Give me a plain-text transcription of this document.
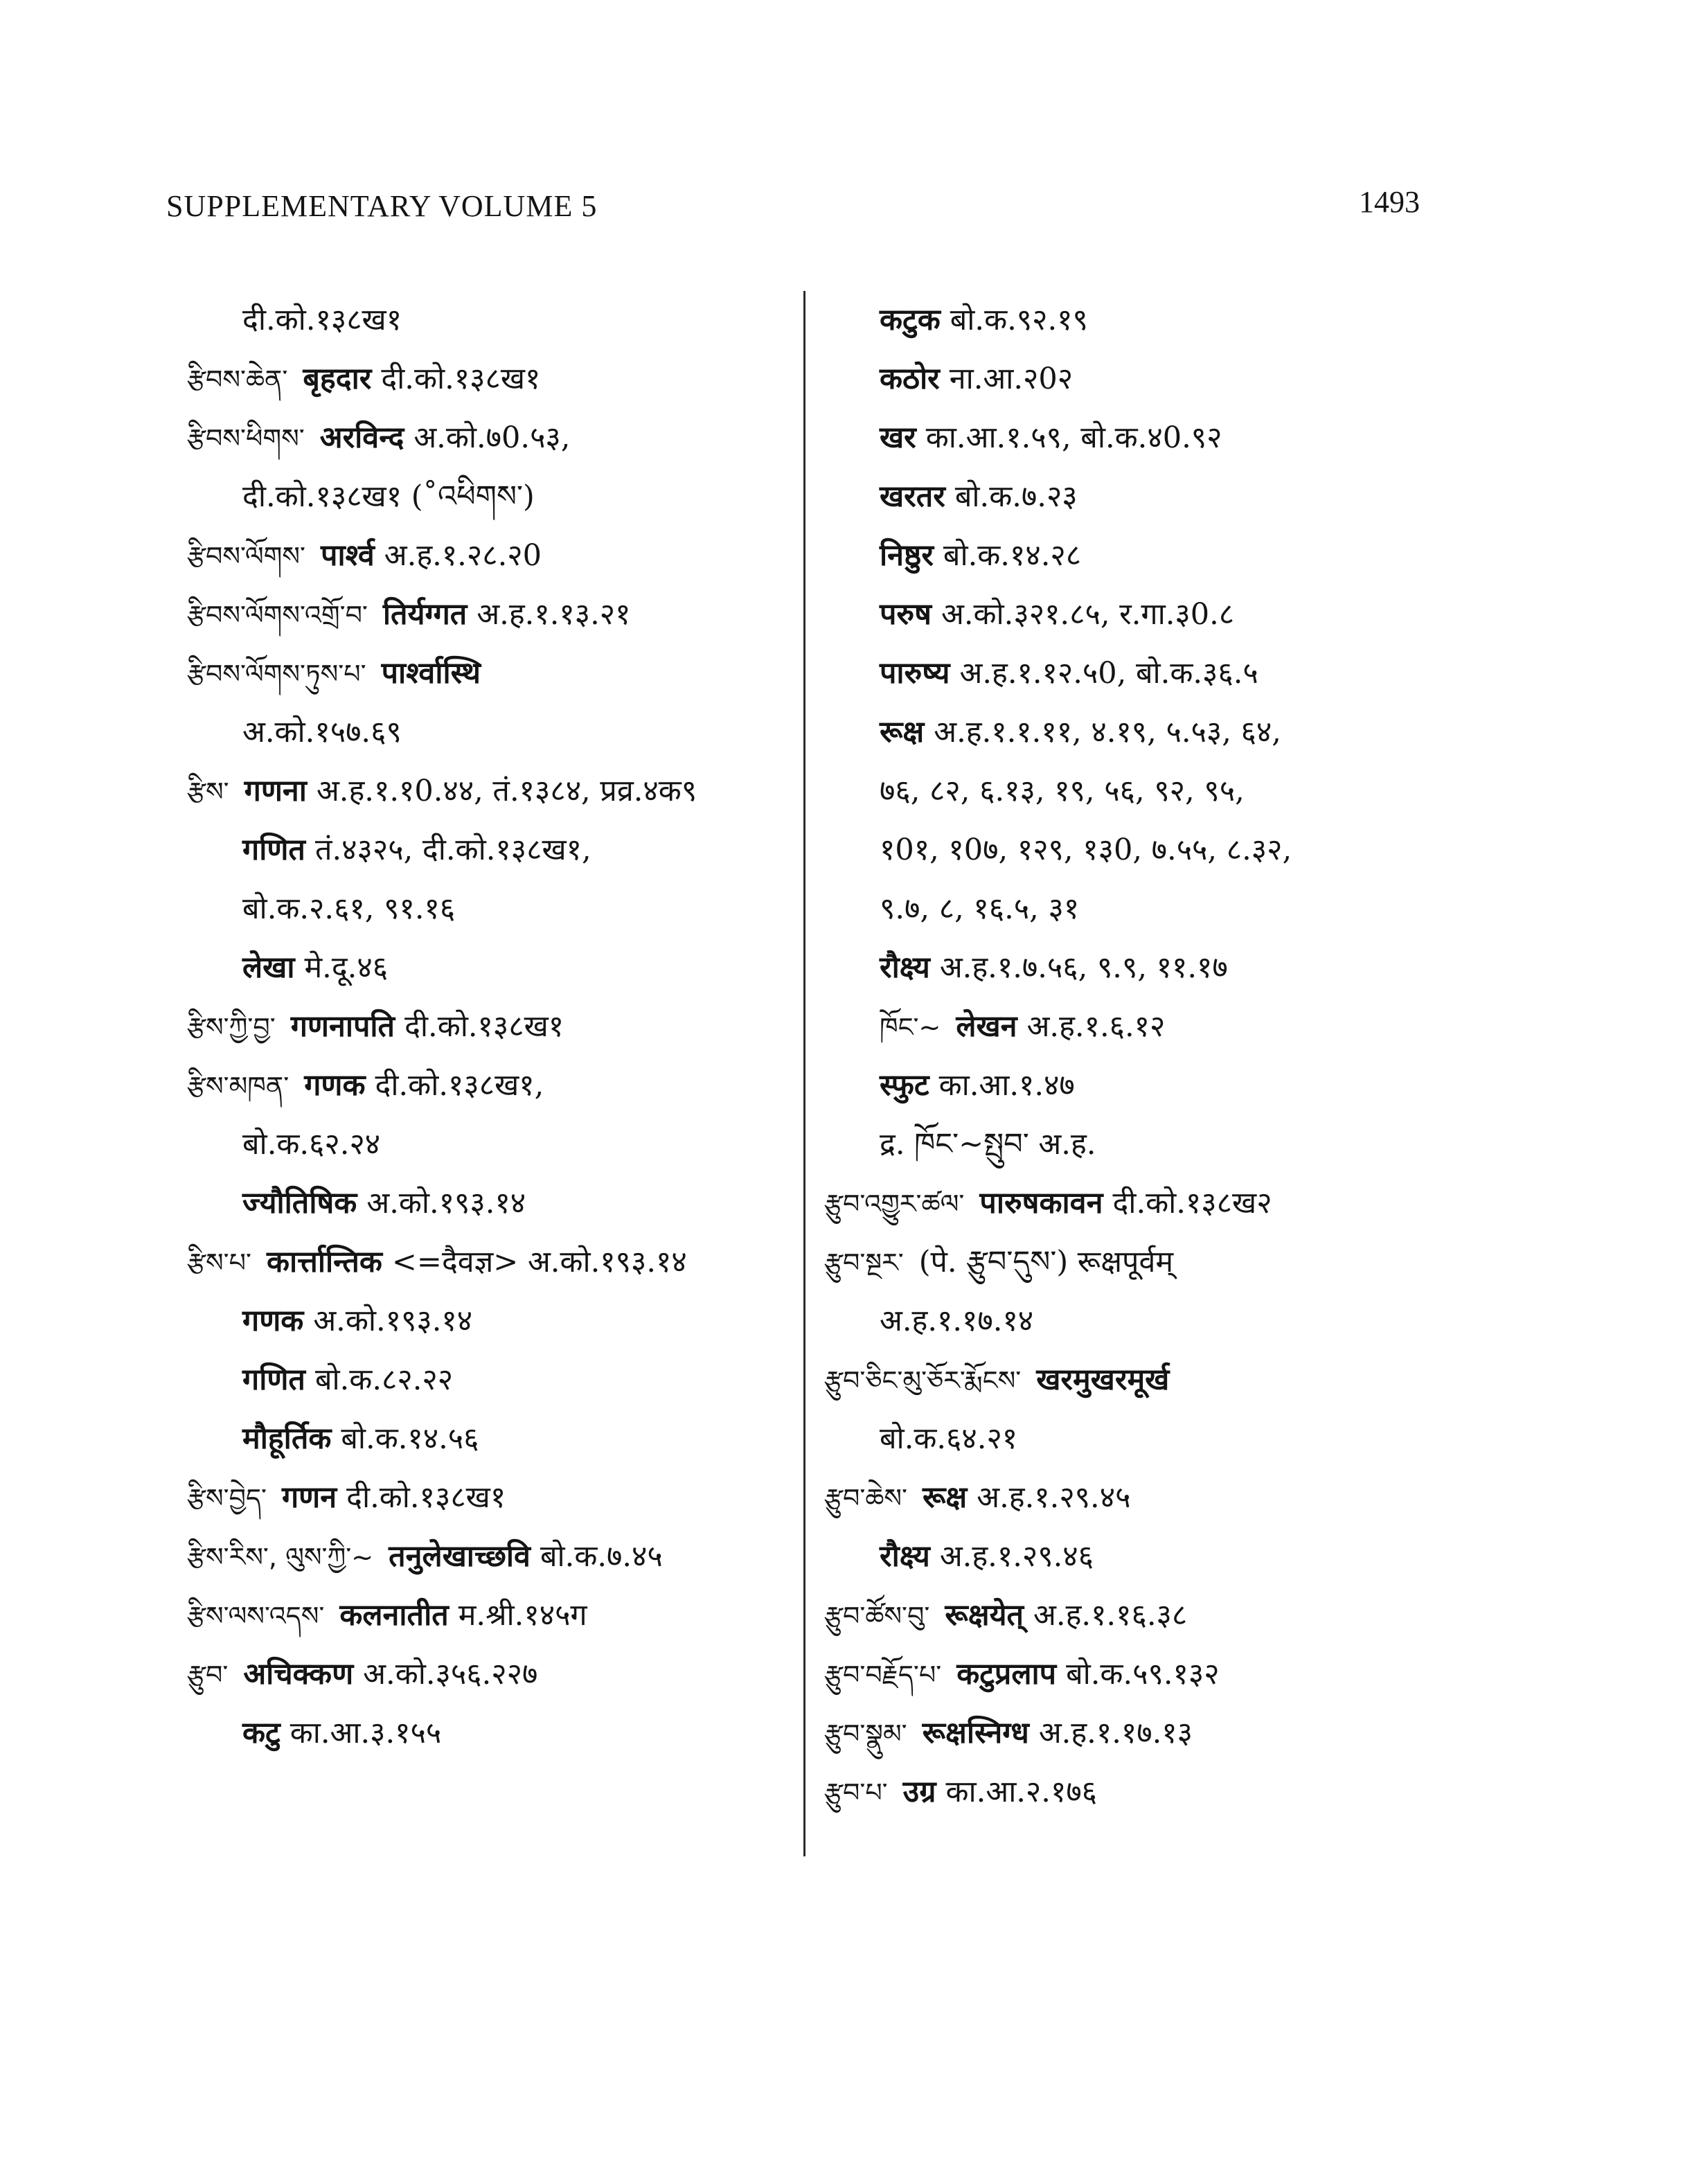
SUPPLEMENTARY VOLUME 5	1493
दी.को.१३८ख१
རྩིབས་ཆེན་ बृहदार दी.को.१३८ख१
རྩིབས་ཕིགས་ अरविन्द अ.को.७0.५३,
दी.को.१३८ख१ (˚འཕིགས་)
རྩིབས་ལོགས་ पार्श्व अ.ह.१.२८.२0
རྩིབས་ལོགས་འགྲོ་བ་ तिर्यग्गत अ.ह.१.१३.२१
རྩིབས་ལོགས་ཏུས་པ་ पार्श्वास्थि
अ.को.१५७.६९
རྩིས་ गणना अ.ह.१.१0.४४, तं.१३८४, प्रव्र.४क९
गणित तं.४३२५, दी.को.१३८ख१,
बो.क.२.६१, ९१.१६
लेखा मे.दू.४६
རྩིས་ཀྱི་བྱ་ गणनापति दी.को.१३८ख१
རྩིས་མཁན་ गणक दी.को.१३८ख१,
बो.क.६२.२४
ज्यौतिषिक अ.को.१९३.१४
རྩིས་པ་ कार्त्तान्तिक <=दैवज्ञ> अ.को.१९३.१४
गणक अ.को.१९३.१४
गणित बो.क.८२.२२
मौहूर्तिक बो.क.१४.५६
རྩིས་བྱེད་ गणन दी.को.१३८ख१
རྩིས་རིས་, ལུས་ཀྱི་~ तनुलेखाच्छवि बो.क.७.४५
རྩིས་ལས་འདས་ कलनातीत म.श्री.१४५ग
རྩུབ་ अचिक्कण अ.को.३५६.२२७
कटु का.आ.३.१५५
कटुक बो.क.९२.१९
कठोर ना.आ.२0२
खर का.आ.१.५९, बो.क.४0.९२
खरतर बो.क.७.२३
निष्ठुर बो.क.१४.२८
परुष अ.को.३२१.८५, र.गा.३0.८
पारुष्य अ.ह.१.१२.५0, बो.क.३६.५
रूक्ष अ.ह.१.१.११, ४.१९, ५.५३, ६४,
७६, ८२, ६.१३, १९, ५६, ९२, ९५,
१0१, १0७, १२९, १३0, ७.५५, ८.३२,
९.७, ८, १६.५, ३१
रौक्ष्य अ.ह.१.७.५६, ९.९, ११.१७
ཁོང་~ लेखन अ.ह.१.६.१२
स्फुट का.आ.१.४७
द्र. ཁོང་~སྤུབ་ अ.ह.
རྩུབ་འགྱུར་ཚལ་ पारुषकावन दी.को.१३८ख२
རྩུབ་སྔར་ (पे. རྩུབ་དུས་) रूक्षपूर्वम्
अ.ह.१.१७.१४
རྩུབ་ཅིང་མུ་ཅོར་རྨོངས་ खरमुखरमूर्ख
बो.क.६४.२१
རྩུབ་ཆེས་ रूक्ष अ.ह.१.२९.४५
रौक्ष्य अ.ह.१.२९.४६
རྩུབ་ཚོས་བུ་ रूक्षयेत् अ.ह.१.१६.३८
རྩུབ་བརྗོད་པ་ कटुप्रलाप बो.क.५९.१३२
རྩུབ་སྣུམ་ रूक्षस्निग्ध अ.ह.१.१७.१३
རྩུབ་པ་ उग्र का.आ.२.१७६
